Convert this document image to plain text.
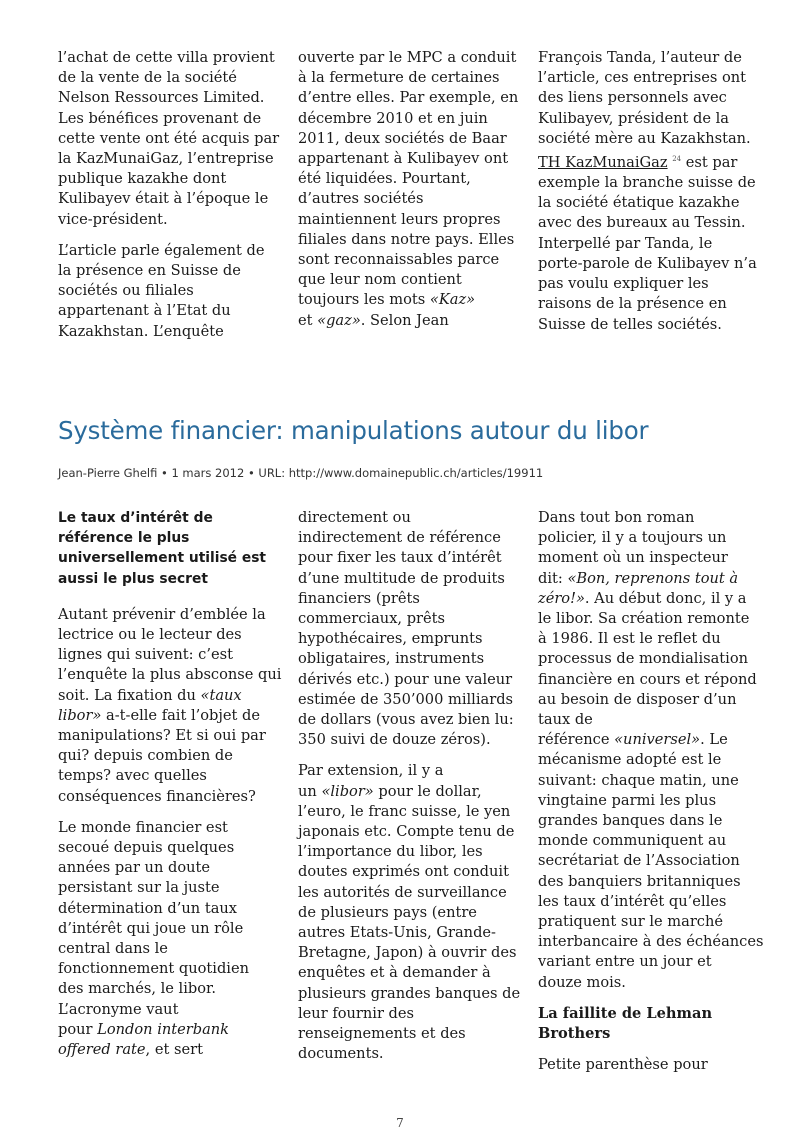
l’achat de cette villa provient
de la vente de la société
Nelson Ressources Limited.
Les bénéfices provenant de
cette vente ont été acquis par
la KazMunaiGaz, l’entreprise
publique kazakhe dont
Kulibayev était à l’époque le
vice-président.

L’article parle également de
la présence en Suisse de
sociétés ou filiales
appartenant à l’Etat du
Kazakhstan. L’enquête

ouverte par le MPC a conduit
à la fermeture de certaines
d’entre elles. Par exemple, en
décembre 2010 et en juin
2011, deux sociétés de Baar
appartenant à Kulibayev ont
été liquidées. Pourtant,
d’autres sociétés
maintiennent leurs propres
filiales dans notre pays. Elles
sont reconnaissables parce
que leur nom contient
toujours les mots «Kaz»
et «gaz». Selon Jean

François Tanda, l’auteur de
l’article, ces entreprises ont
des liens personnels avec
Kulibayev, président de la
société mère au Kazakhstan.
TH KazMunaiGaz $^{24}$ est par
exemple la branche suisse de
la société étatique kazakhe
avec des bureaux au Tessin.
Interpellé par Tanda, le
porte-parole de Kulibayev n’a
pas voulu expliquer les
raisons de la présence en
Suisse de telles sociétés.

Système financier: manipulations autour du libor
Jean-Pierre Ghelfi • 1 mars 2012 • URL: http://www.domainepublic.ch/articles/19911
Le taux d’intérêt de
référence le plus
universellement utilisé est
aussi le plus secret

Autant prévenir d’emblée la
lectrice ou le lecteur des
lignes qui suivent: c’est
l’enquête la plus absconse qui
soit. La fixation du «taux
libor» a-t-elle fait l’objet de
manipulations? Et si oui par
qui? depuis combien de
temps? avec quelles
conséquences financières?

Le monde financier est
secoué depuis quelques
années par un doute
persistant sur la juste
détermination d’un taux
d’intérêt qui joue un rôle
central dans le
fonctionnement quotidien
des marchés, le libor.
L’acronyme vaut
pour London interbank
offered rate, et sert

directement ou
indirectement de référence
pour fixer les taux d’intérêt
d’une multitude de produits
financiers (prêts
commerciaux, prêts
hypothécaires, emprunts
obligataires, instruments
dérivés etc.) pour une valeur
estimée de 350’000 milliards
de dollars (vous avez bien lu:
350 suivi de douze zéros).

Par extension, il y a
un «libor» pour le dollar,
l’euro, le franc suisse, le yen
japonais etc. Compte tenu de
l’importance du libor, les
doutes exprimés ont conduit
les autorités de surveillance
de plusieurs pays (entre
autres Etats-Unis, Grande-
Bretagne, Japon) à ouvrir des
enquêtes et à demander à
plusieurs grandes banques de
leur fournir des
renseignements et des
documents.

Dans tout bon roman
policier, il y a toujours un
moment où un inspecteur
dit: «Bon, reprenons tout à
zéro!». Au début donc, il y a
le libor. Sa création remonte
à 1986. Il est le reflet du
processus de mondialisation
financière en cours et répond
au besoin de disposer d’un
taux de
référence «universel». Le
mécanisme adopté est le
suivant: chaque matin, une
vingtaine parmi les plus
grandes banques dans le
monde communiquent au
secrétariat de l’Association
des banquiers britanniques
les taux d’intérêt qu’elles
pratiquent sur le marché
interbancaire à des échéances
variant entre un jour et
douze mois.

La faillite de Lehman
Brothers

Petite parenthèse pour

7
